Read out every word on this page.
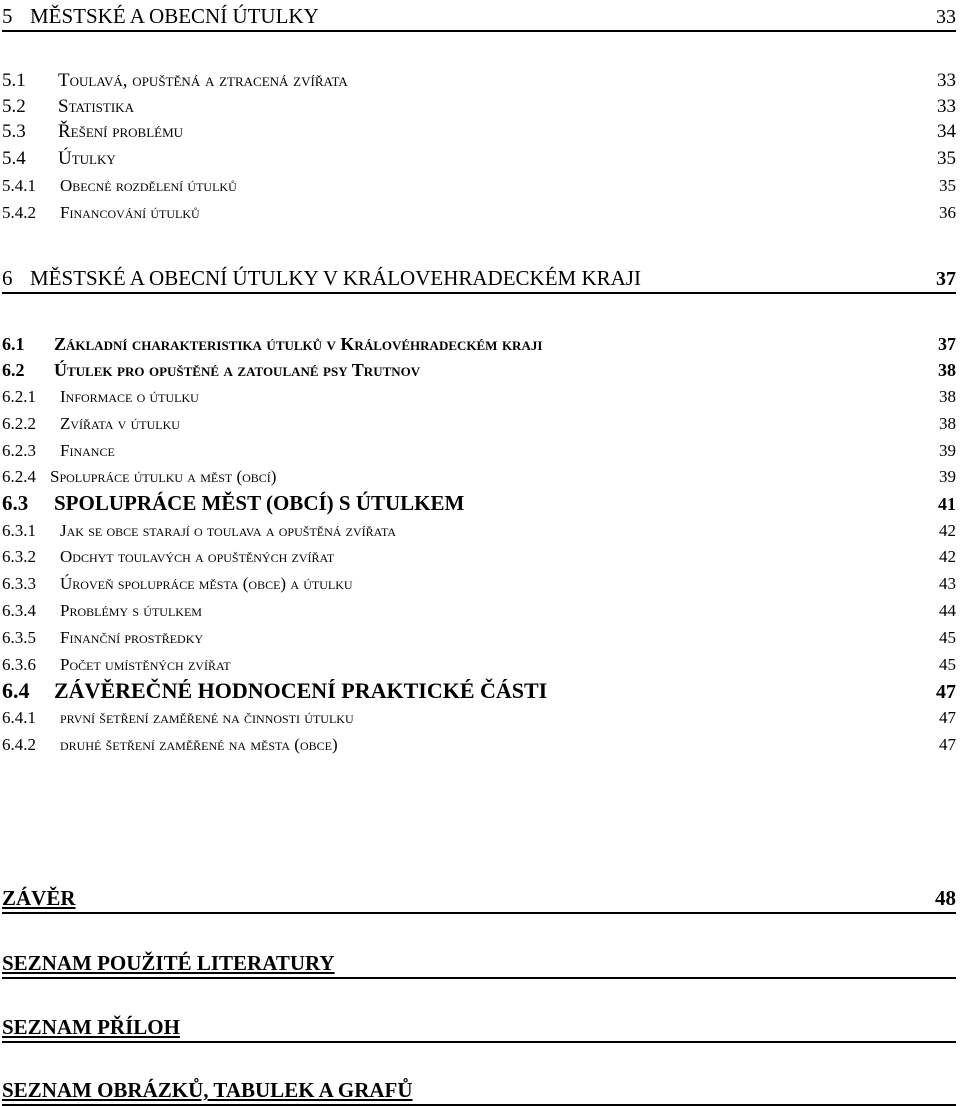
5 MĚSTSKÉ A OBECNÍ ÚTULKY	33
5.1	Toulavá, opuštěná a ztracená zvířata	33
5.2	Statistika	33
5.3	Řešení problému	34
5.4	Útulky	35
5.4.1	Obecné rozdělení útulků	35
5.4.2	Financování útulků	36
6 MĚSTSKÉ A OBECNÍ ÚTULKY V KRÁLOVEHRADECKÉM KRAJI	37
6.1	Základní charakteristika útulků v Královéhradeckém kraji	37
6.2	Útulek pro opuštěné a zatoulané psy Trutnov	38
6.2.1	Informace o útulku	38
6.2.2	Zvířata v útulku	38
6.2.3	Finance	39
6.2.4 Spolupráce útulku a měst (obcí)	39
6.3	SPOLUPRÁCE MĚST (OBCÍ) S ÚTULKEM	41
6.3.1	Jak se obce starají o toulava a opuštěná zvířata	42
6.3.2	Odchyt toulavých a opuštěných zvířat	42
6.3.3	Úroveň spolupráce města (obce) a útulku	43
6.3.4	Problémy s útulkem	44
6.3.5	Finanční prostředky	45
6.3.6	Počet umístěných zvířat	45
6.4	ZÁVĚREČNÉ HODNOCENÍ PRAKTICKÉ ČÁSTI	47
6.4.1	první šetření zaměřené na činnosti útulku	47
6.4.2	druhé šetření zaměřené na města (obce)	47
ZÁVĚR	48
SEZNAM POUŽITÉ LITERATURY
SEZNAM PŘÍLOH
SEZNAM OBRÁZKŮ, TABULEK A GRAFŮ
